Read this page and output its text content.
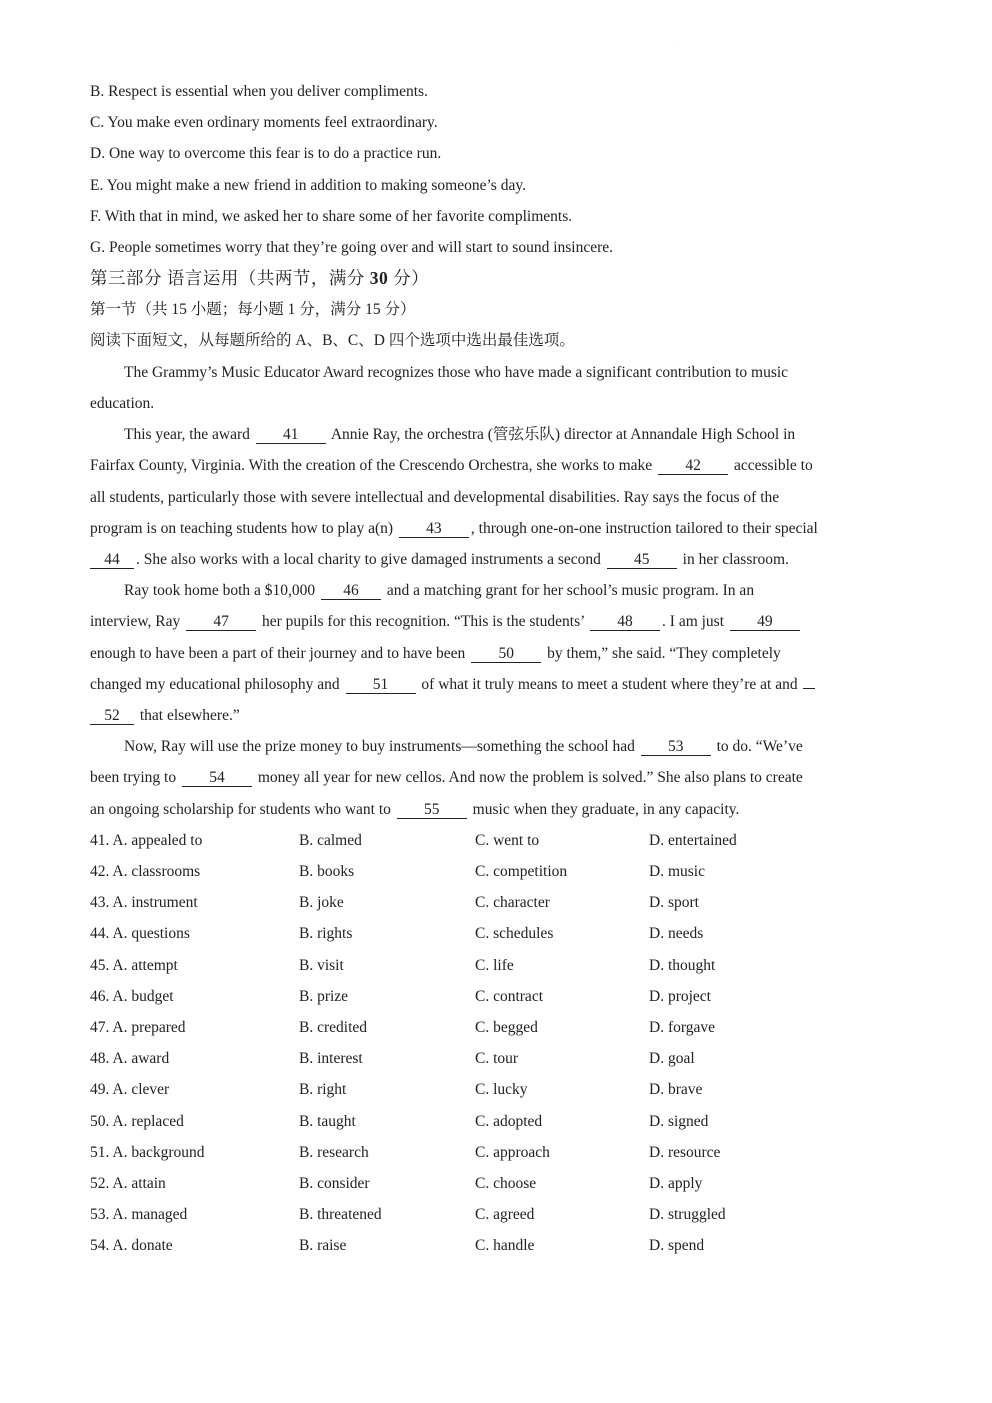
·
B. Respect is essential when you deliver compliments.
C. You make even ordinary moments feel extraordinary.
D. One way to overcome this fear is to do a practice run.
E. You might make a new friend in addition to making someone’s day.
F. With that in mind, we asked her to share some of her favorite compliments.
G. People sometimes worry that they’re going over and will start to sound insincere.
第三部分 语言运用（共两节，满分 30 分）
第一节（共 15 小题；每小题 1 分，满分 15 分）
阅读下面短文，从每题所给的 A、B、C、D 四个选项中选出最佳选项。
The Grammy’s Music Educator Award recognizes those who have made a significant contribution to music
education.
This year, the award 41 Annie Ray, the orchestra (管弦乐队) director at Annandale High School in
Fairfax County, Virginia. With the creation of the Crescendo Orchestra, she works to make 42 accessible to
all students, particularly those with severe intellectual and developmental disabilities. Ray says the focus of the
program is on teaching students how to play a(n) 43 , through one-on-one instruction tailored to their special
44 . She also works with a local charity to give damaged instruments a second 45 in her classroom.
Ray took home both a $10,000 46 and a matching grant for her school’s music program. In an
interview, Ray 47 her pupils for this recognition. “This is the students’ 48 . I am just 49
enough to have been a part of their journey and to have been 50 by them,” she said. “They completely
changed my educational philosophy and 51 of what it truly means to meet a student where they’re at and
52 that elsewhere.”
Now, Ray will use the prize money to buy instruments—something the school had 53 to do. “We’ve
been trying to 54 money all year for new cellos. And now the problem is solved.” She also plans to create
an ongoing scholarship for students who want to 55 music when they graduate, in any capacity.
41. A. appealed to	B. calmed	C. went to	D. entertained
42. A. classrooms	B. books	C. competition	D. music
43. A. instrument	B. joke	C. character	D. sport
44. A. questions	B. rights	C. schedules	D. needs
45. A. attempt	B. visit	C. life	D. thought
46. A. budget	B. prize	C. contract	D. project
47. A. prepared	B. credited	C. begged	D. forgave
48. A. award	B. interest	C. tour	D. goal
49. A. clever	B. right	C. lucky	D. brave
50. A. replaced	B. taught	C. adopted	D. signed
51. A. background	B. research	C. approach	D. resource
52. A. attain	B. consider	C. choose	D. apply
53. A. managed	B. threatened	C. agreed	D. struggled
54. A. donate	B. raise	C. handle	D. spend
